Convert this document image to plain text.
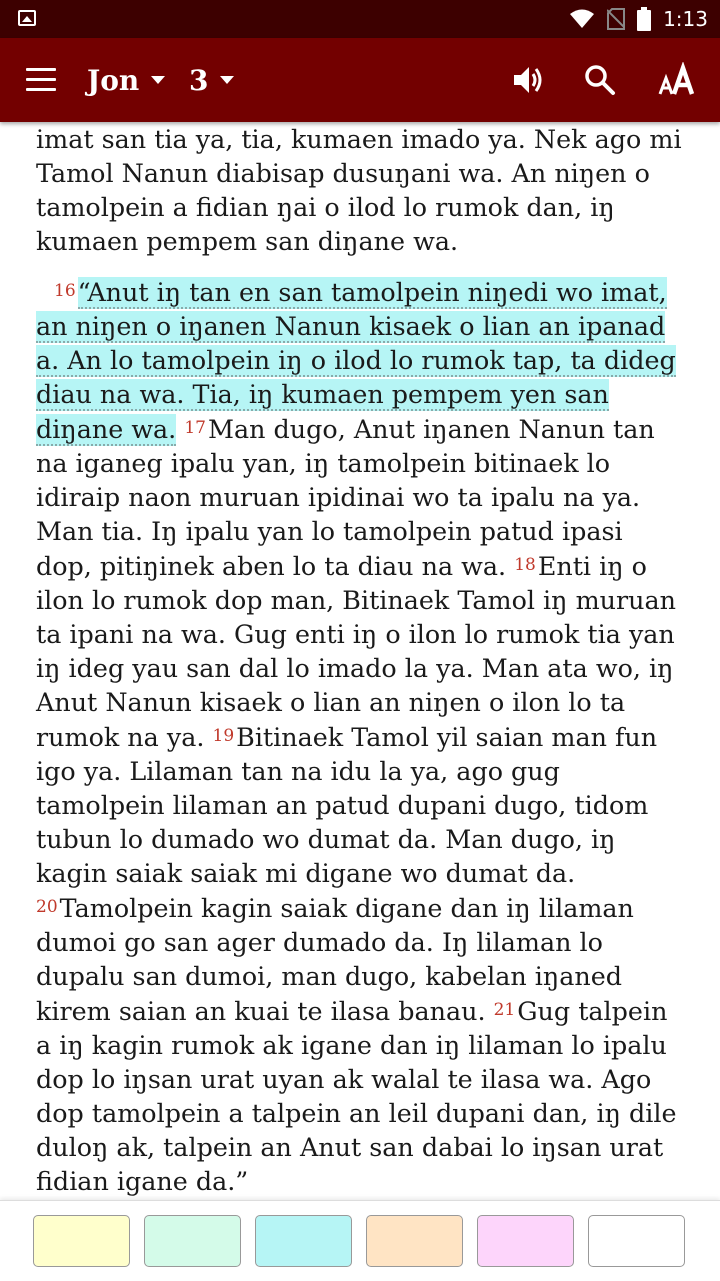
1:13
Jon 3

imat san tia ya, tia, kumaen imado ya. Nek ago mi Tamol Nanun diabisap dusuŋani wa. An niŋen o tamolpein a fidian ŋai o ilod lo rumok dan, iŋ kumaen pempem san diŋane wa.

16“Anut iŋ tan en san tamolpein niŋedi wo imat, an niŋen o iŋanen Nanun kisaek o lian an ipanad a. An lo tamolpein iŋ o ilod lo rumok tap, ta dideg diau na wa. Tia, iŋ kumaen pempem yen san diŋane wa. 17Man dugo, Anut iŋanen Nanun tan na iganeg ipalu yan, iŋ tamolpein bitinaek lo idiraip naon muruan ipidinai wo ta ipalu na ya. Man tia. Iŋ ipalu yan lo tamolpein patud ipasi dop, pitiŋinek aben lo ta diau na wa. 18Enti iŋ o ilon lo rumok dop man, Bitinaek Tamol iŋ muruan ta ipani na wa. Gug enti iŋ o ilon lo rumok tia yan iŋ ideg yau san dal lo imado la ya. Man ata wo, iŋ Anut Nanun kisaek o lian an niŋen o ilon lo ta rumok na ya. 19Bitinaek Tamol yil saian man fun igo ya. Lilaman tan na idu la ya, ago gug tamolpein lilaman an patud dupani dugo, tidom tubun lo dumado wo dumat da. Man dugo, iŋ kagin saiak saiak mi digane wo dumat da. 20Tamolpein kagin saiak digane dan iŋ lilaman dumoi go san ager dumado da. Iŋ lilaman lo dupalu san dumoi, man dugo, kabelan iŋaned kirem saian an kuai te ilasa banau. 21Gug talpein a iŋ kagin rumok ak igane dan iŋ lilaman lo ipalu dop lo iŋsan urat uyan ak walal te ilasa wa. Ago dop tamolpein a talpein an leil dupani dan, iŋ dile duloŋ ak, talpein an Anut san dabai lo iŋsan urat fidian igane da.”
